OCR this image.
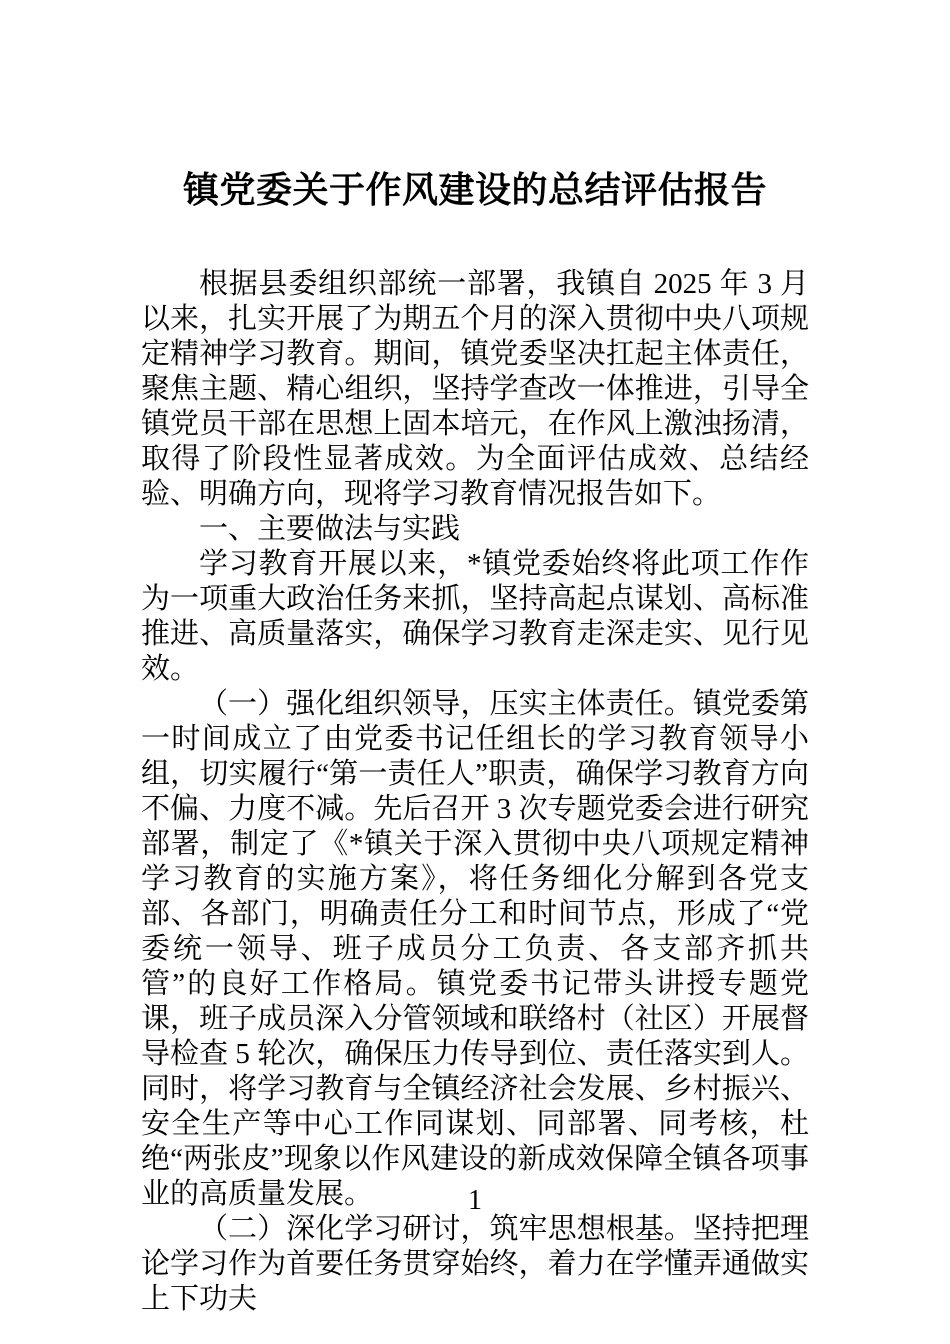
镇党委关于作风建设的总结评估报告

根据县委组织部统一部署，我镇自 2025 年 3 月以来，扎实开展了为期五个月的深入贯彻中央八项规定精神学习教育。期间，镇党委坚决扛起主体责任，聚焦主题、精心组织，坚持学查改一体推进，引导全镇党员干部在思想上固本培元，在作风上激浊扬清，取得了阶段性显著成效。为全面评估成效、总结经验、明确方向，现将学习教育情况报告如下。

一、主要做法与实践

学习教育开展以来，*镇党委始终将此项工作作为一项重大政治任务来抓，坚持高起点谋划、高标准推进、高质量落实，确保学习教育走深走实、见行见效。

（一）强化组织领导，压实主体责任。镇党委第一时间成立了由党委书记任组长的学习教育领导小组，切实履行“第一责任人”职责，确保学习教育方向不偏、力度不减。先后召开 3 次专题党委会进行研究部署，制定了《*镇关于深入贯彻中央八项规定精神学习教育的实施方案》，将任务细化分解到各党支部、各部门，明确责任分工和时间节点，形成了“党委统一领导、班子成员分工负责、各支部齐抓共管”的良好工作格局。镇党委书记带头讲授专题党课，班子成员深入分管领域和联络村（社区）开展督导检查 5 轮次，确保压力传导到位、责任落实到人。同时，将学习教育与全镇经济社会发展、乡村振兴、安全生产等中心工作同谋划、同部署、同考核，杜绝“两张皮”现象以作风建设的新成效保障全镇各项事业的高质量发展。

（二）深化学习研讨，筑牢思想根基。坚持把理论学习作为首要任务贯穿始终，着力在学懂弄通做实上下功夫

1
